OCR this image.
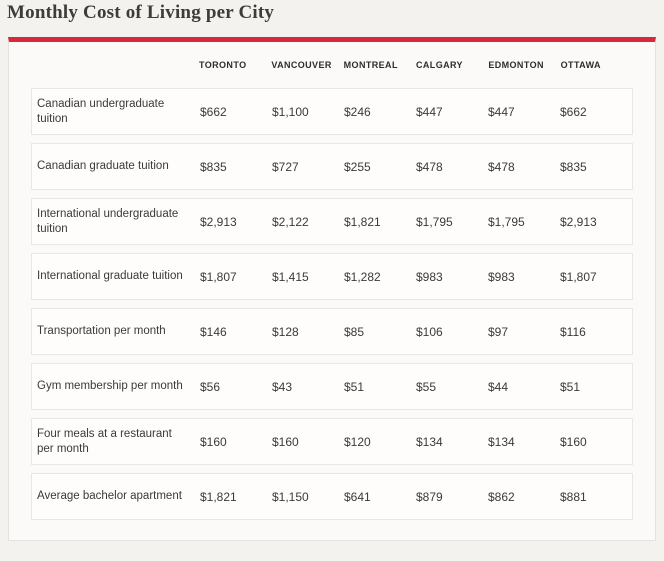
Monthly Cost of Living per City
TORONTO	VANCOUVER	MONTREAL	CALGARY	EDMONTON	OTTAWA
Canadian undergraduate tuition	$662	$1,100	$246	$447	$447	$662
Canadian graduate tuition	$835	$727	$255	$478	$478	$835
International undergraduate tuition	$2,913	$2,122	$1,821	$1,795	$1,795	$2,913
International graduate tuition	$1,807	$1,415	$1,282	$983	$983	$1,807
Transportation per month	$146	$128	$85	$106	$97	$116
Gym membership per month	$56	$43	$51	$55	$44	$51
Four meals at a restaurant per month	$160	$160	$120	$134	$134	$160
Average bachelor apartment	$1,821	$1,150	$641	$879	$862	$881
